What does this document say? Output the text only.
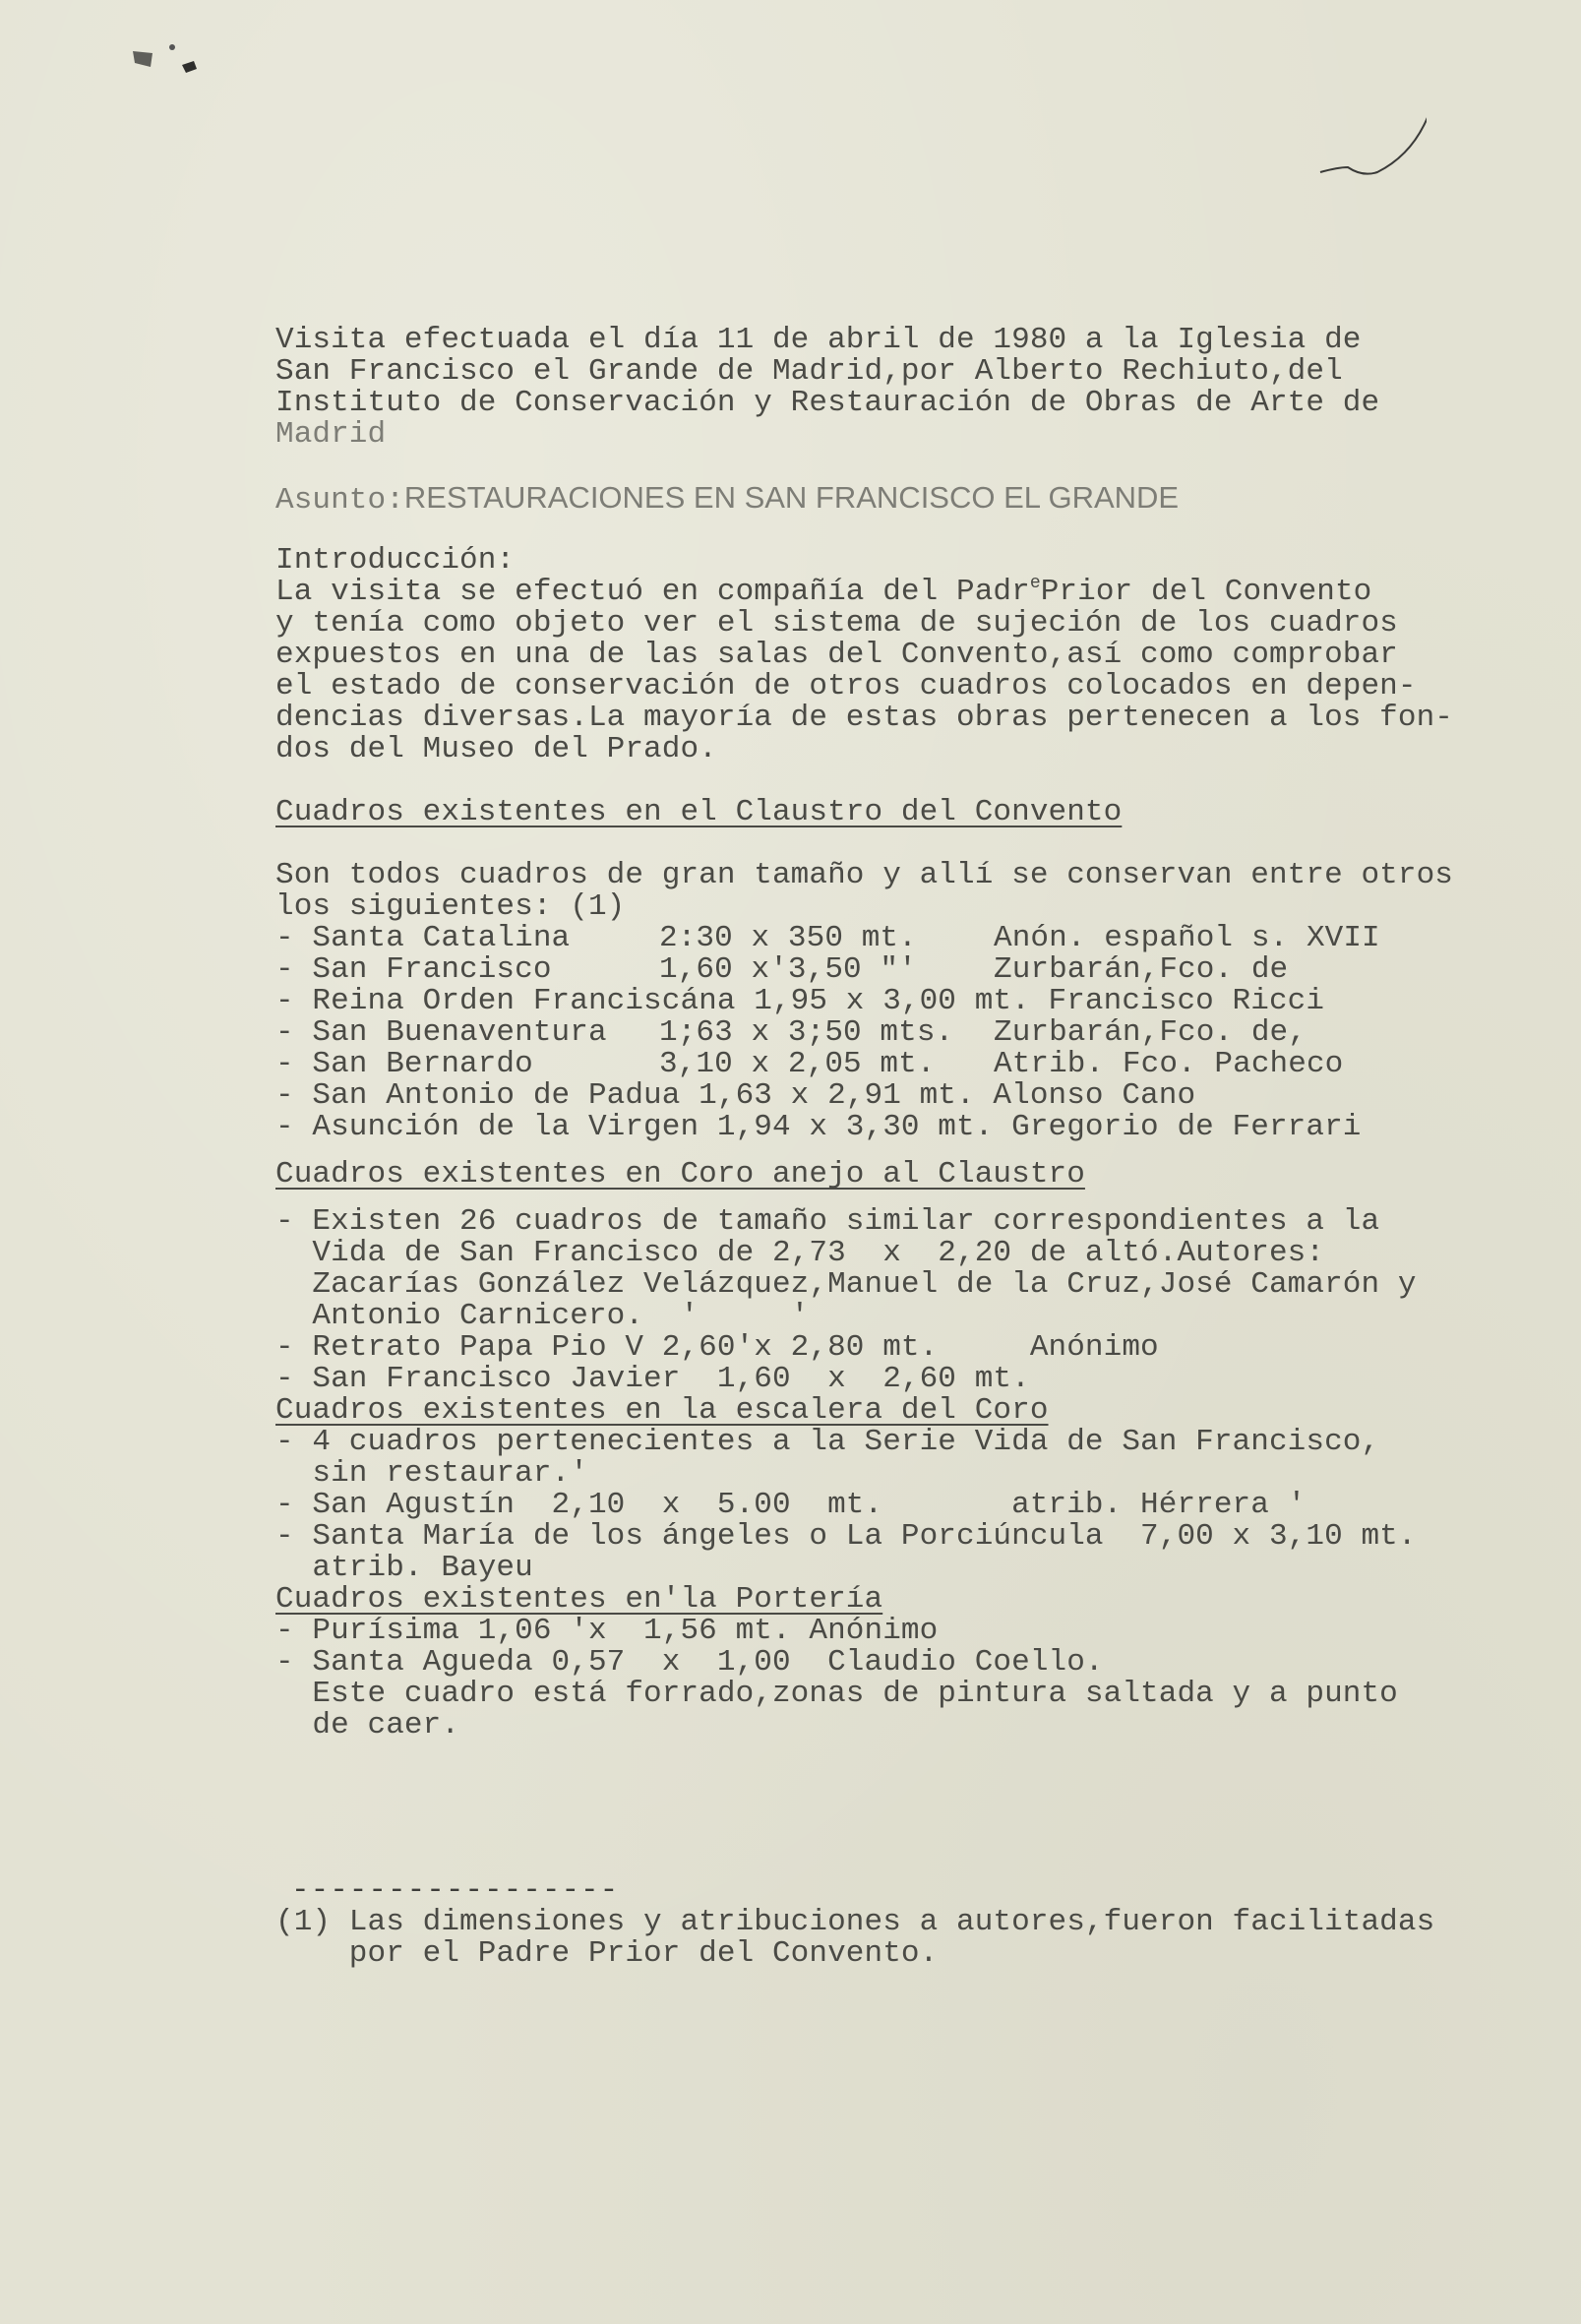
Visita efectuada el día 11 de abril de 1980 a la Iglesia de
San Francisco el Grande de Madrid,por Alberto Rechiuto,del
Instituto de Conservación y Restauración de Obras de Arte de
Madrid
Asunto:RESTAURACIONES EN SAN FRANCISCO EL GRANDE
Introducción:
La visita se efectuó en compañía del Padr$^e$Prior del Convento
y tenía como objeto ver el sistema de sujeción de los cuadros
expuestos en una de las salas del Convento,así como comprobar
el estado de conservación de otros cuadros colocados en depen-
dencias diversas.La mayoría de estas obras pertenecen a los fon-
dos del Museo del Prado.
Cuadros existentes en el Claustro del Convento
Son todos cuadros de gran tamaño y allí se conservan entre otros
los siguientes: (1)
- Santa Catalina	2:30 x 350 mt.	Anón. español s. XVII
- San Francisco	1,60 x'3,50 "'	Zurbarán,Fco. de
- Reina Orden Franciscána 1,95 x 3,00 mt. Francisco Ricci
- San Buenaventura 1;63 x 3;50 mts. Zurbarán,Fco. de,
- San Bernardo	3,10 x 2,05 mt. Atrib. Fco. Pacheco
- San Antonio de Padua 1,63 x 2,91 mt. Alonso Cano
- Asunción de la Virgen 1,94 x 3,30 mt. Gregorio de Ferrari
Cuadros existentes en Coro anejo al Claustro
- Existen 26 cuadros de tamaño similar correspondientes a la
Vida de San Francisco de 2,73  x  2,20 de altó.Autores:
Zacarías González Velázquez,Manuel de la Cruz,José Camarón y
Antonio Carnicero.  '     '
- Retrato Papa Pio V 2,60'x 2,80 mt.     Anónimo
- San Francisco Javier  1,60  x  2,60 mt.
Cuadros existentes en la escalera del Coro
- 4 cuadros pertenecientes a la Serie Vida de San Francisco,
sin restaurar.'
- San Agustín  2,10  x  5.00  mt.       atrib. Hérrera '
- Santa María de los ángeles o La Porciúncula  7,00 x 3,10 mt.
atrib. Bayeu
Cuadros existentes en'la Portería
- Purísima 1,06 'x  1,56 mt. Anónimo
- Santa Agueda 0,57  x  1,00  Claudio Coello.
Este cuadro está forrado,zonas de pintura saltada y a punto
de caer.
-----------------
(1) Las dimensiones y atribuciones a autores,fueron facilitadas
por el Padre Prior del Convento.
